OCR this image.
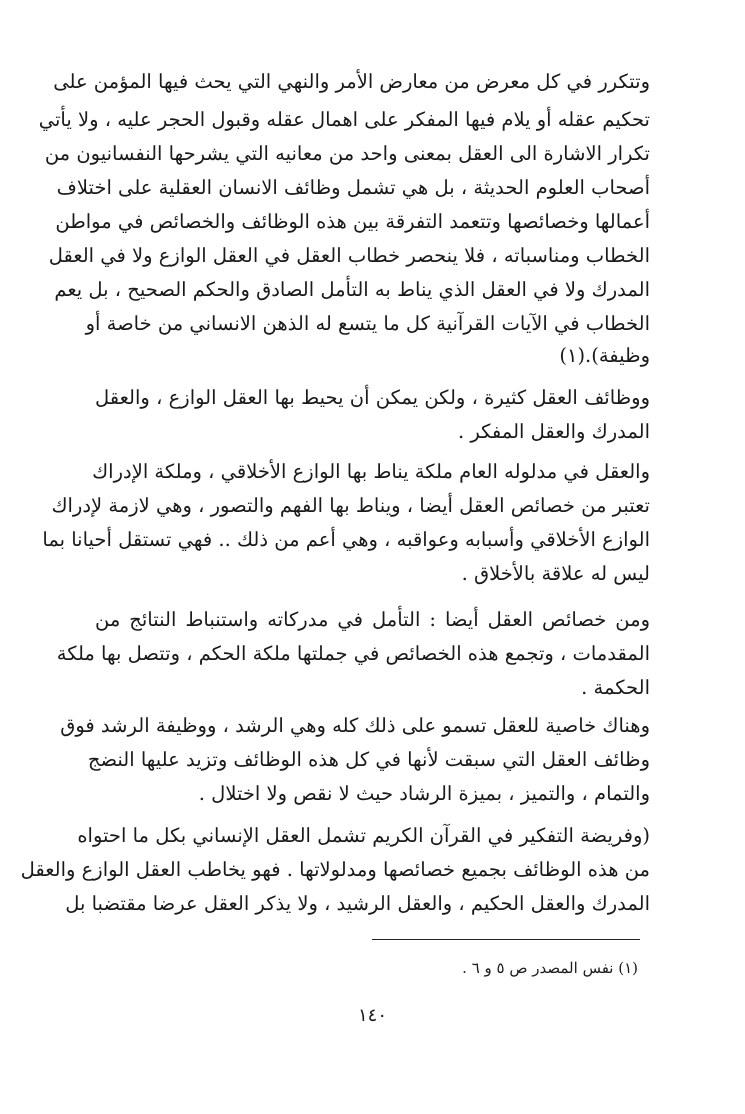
وتتكرر في كل معرض من معارض الأمر والنهي التي يحث فيها المؤمن على
تحكيم عقله أو يلام فيها المفكر على اهمال عقله وقبول الحجر عليه ، ولا يأتي
تكرار الاشارة الى العقل بمعنى واحد من معانيه التي يشرحها النفسانيون من
أصحاب العلوم الحديثة ، بل هي تشمل وظائف الانسان العقلية على اختلاف
أعمالها وخصائصها وتتعمد التفرقة بين هذه الوظائف والخصائص في مواطن
الخطاب ومناسباته ، فلا ينحصر خطاب العقل في العقل الوازع ولا في العقل
المدرك ولا في العقل الذي يناط به التأمل الصادق والحكم الصحيح ، بل يعم
الخطاب في الآيات القرآنية كل ما يتسع له الذهن الانساني من خاصة أو
وظيفة).(١)
ووظائف العقل كثيرة ، ولكن يمكن أن يحيط بها العقل الوازع ، والعقل
المدرك والعقل المفكر .
والعقل في مدلوله العام ملكة يناط بها الوازع الأخلاقي ، وملكة الإدراك
تعتبر من خصائص العقل أيضا ، ويناط بها الفهم والتصور ، وهي لازمة لإدراك
الوازع الأخلاقي وأسبابه وعواقبه ، وهي أعم من ذلك .. فهي تستقل أحيانا بما
ليس له علاقة بالأخلاق .
ومن خصائص العقل أيضا : التأمل في مدركاته واستنباط النتائج من
المقدمات ، وتجمع هذه الخصائص في جملتها ملكة الحكم ، وتتصل بها ملكة
الحكمة .
وهناك خاصية للعقل تسمو على ذلك كله وهي الرشد ، ووظيفة الرشد فوق
وظائف العقل التي سبقت لأنها في كل هذه الوظائف وتزيد عليها النضج
والتمام ، والتميز ، بميزة الرشاد حيث لا نقص ولا اختلال .
(وفريضة التفكير في القرآن الكريم تشمل العقل الإنساني بكل ما احتواه
من هذه الوظائف بجميع خصائصها ومدلولاتها . فهو يخاطب العقل الوازع والعقل
المدرك والعقل الحكيم ، والعقل الرشيد ، ولا يذكر العقل عرضا مقتضبا بل
(١) نفس المصدر ص ٥ و ٦ .
١٤٠
